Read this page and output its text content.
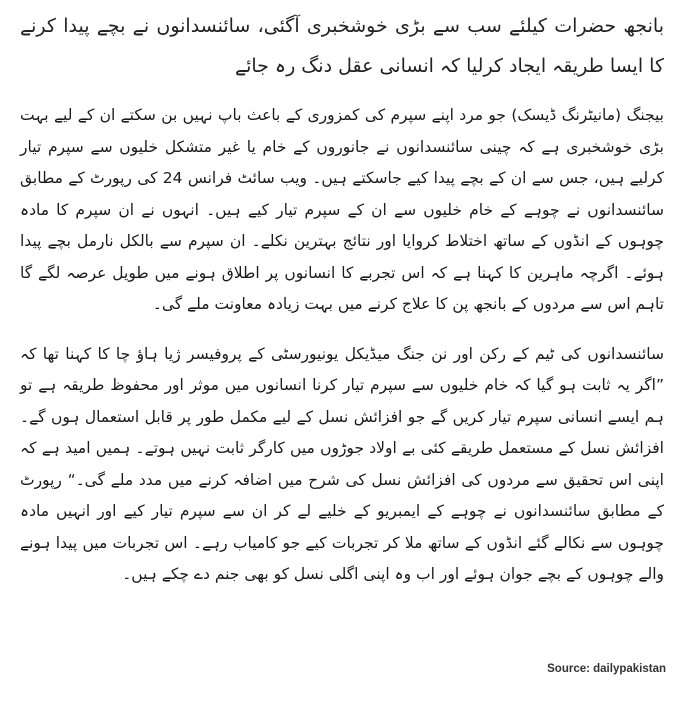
بانجھ حضرات کیلئے سب سے بڑی خوشخبری آگئی، سائنسدانوں نے بچے پیدا کرنے کا ایسا طریقہ ایجاد کرلیا کہ انسانی عقل دنگ رہ جائے

بیجنگ (مانیٹرنگ ڈیسک) جو مرد اپنے سپرم کی کمزوری کے باعث باپ نہیں بن سکتے ان کے لیے بہت بڑی خوشخبری ہے کہ چینی سائنسدانوں نے جانوروں کے خام یا غیر متشکل خلیوں سے سپرم تیار کرلیے ہیں، جس سے ان کے بچے پیدا کیے جاسکتے ہیں۔ ویب سائٹ فرانس 24 کی رپورٹ کے مطابق سائنسدانوں نے چوہے کے خام خلیوں سے ان کے سپرم تیار کیے ہیں۔ انہوں نے ان سپرم کا مادہ چوہوں کے انڈوں کے ساتھ اختلاط کروایا اور نتائج بہترین نکلے۔ ان سپرم سے بالکل نارمل بچے پیدا ہوئے۔ اگرچہ ماہرین کا کہنا ہے کہ اس تجربے کا انسانوں پر اطلاق ہونے میں طویل عرصہ لگے گا تاہم اس سے مردوں کے بانجھ پن کا علاج کرنے میں بہت زیادہ معاونت ملے گی۔

سائنسدانوں کی ٹیم کے رکن اور نن جنگ میڈیکل یونیورسٹی کے پروفیسر ژیا ہاؤ چا کا کہنا تھا کہ ”اگر یہ ثابت ہو گیا کہ خام خلیوں سے سپرم تیار کرنا انسانوں میں موثر اور محفوظ طریقہ ہے تو ہم ایسے انسانی سپرم تیار کریں گے جو افزائش نسل کے لیے مکمل طور پر قابل استعمال ہوں گے۔ افزائش نسل کے مستعمل طریقے کئی بے اولاد جوڑوں میں کارگر ثابت نہیں ہوتے۔ ہمیں امید ہے کہ اپنی اس تحقیق سے مردوں کی افزائش نسل کی شرح میں اضافہ کرنے میں مدد ملے گی۔“ رپورٹ کے مطابق سائنسدانوں نے چوہے کے ایمبریو کے خلیے لے کر ان سے سپرم تیار کیے اور انہیں مادہ چوہوں سے نکالے گئے انڈوں کے ساتھ ملا کر تجربات کیے جو کامیاب رہے۔ اس تجربات میں پیدا ہونے والے چوہوں کے بچے جوان ہوئے اور اب وہ اپنی اگلی نسل کو بھی جنم دے چکے ہیں۔

Source: dailypakistan
